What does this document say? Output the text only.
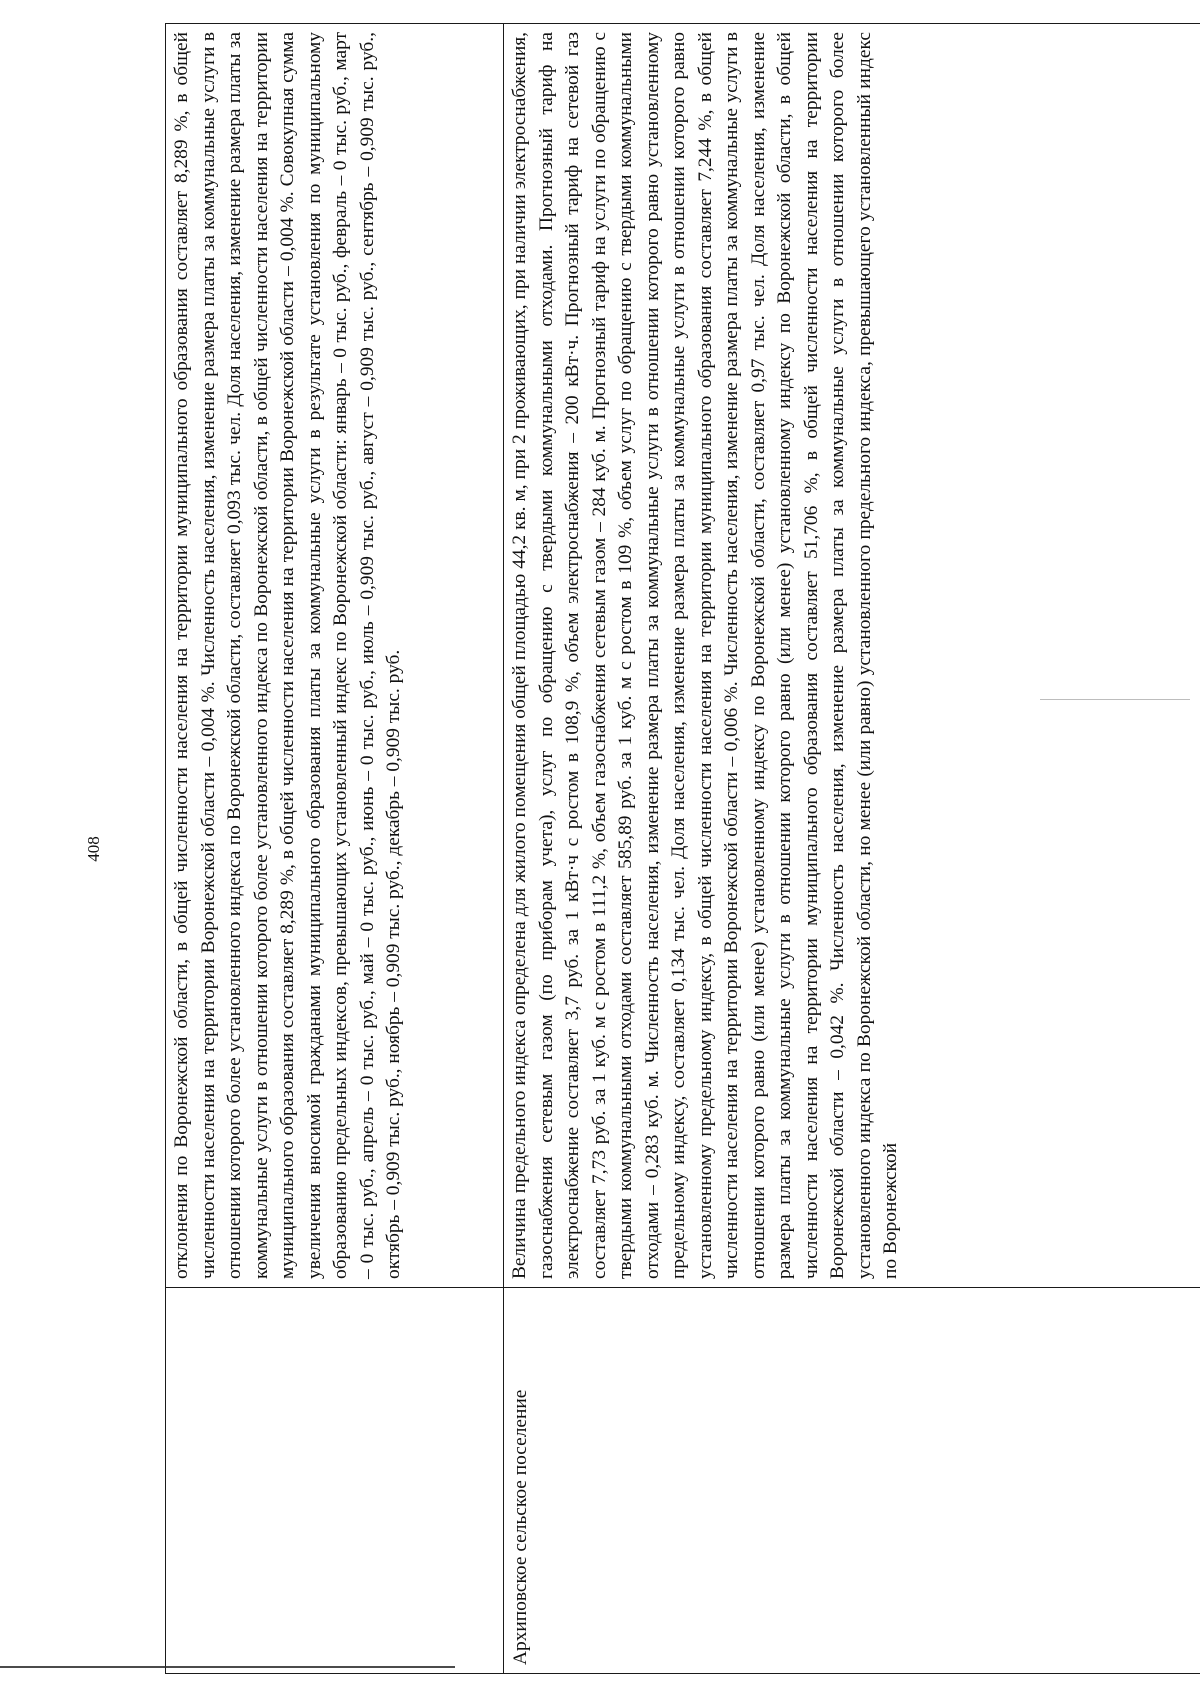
408
		отклонения по Воронежской области, в общей численности населения на территории муниципального образования составляет 8,289 %, в общей численности населения на территории Воронежской области – 0,004 %. Численность населения, изменение размера платы за коммунальные услуги в отношении которого более установленного индекса по Воронежской области, составляет 0,093 тыс. чел. Доля населения, изменение размера платы за коммунальные услуги в отношении которого более установленного индекса по Воронежской области, в общей численности населения на территории муниципального образования составляет 8,289 %, в общей численности населения на территории Воронежской области – 0,004 %. Совокупная сумма увеличения вносимой гражданами муниципального образования платы за коммунальные услуги в результате установления по муниципальному образованию предельных индексов, превышающих установленный индекс по Воронежской области: январь – 0 тыс. руб., февраль – 0 тыс. руб., март – 0 тыс. руб., апрель – 0 тыс. руб., май – 0 тыс. руб., июнь – 0 тыс. руб., июль – 0,909 тыс. руб., август – 0,909 тыс. руб., сентябрь – 0,909 тыс. руб., октябрь – 0,909 тыс. руб., ноябрь – 0,909 тыс. руб., декабрь – 0,909 тыс. руб.
Архиповское сельское поселение	Величина предельного индекса определена для жилого помещения общей площадью 44,2 кв. м, при 2 проживающих, при наличии электроснабжения, газоснабжения сетевым газом (по приборам учета), услуг по обращению с твердыми коммунальными отходами. Прогнозный тариф на электроснабжение составляет 3,7 руб. за 1 кВт·ч с ростом в 108,9 %, объем электроснабжения – 200 кВт·ч. Прогнозный тариф на сетевой газ составляет 7,73 руб. за 1 куб. м с ростом в 111,2 %, объем газоснабжения сетевым газом – 284 куб. м. Прогнозный тариф на услуги по обращению с твердыми коммунальными отходами составляет 585,89 руб. за 1 куб. м с ростом в 109 %, объем услуг по обращению с твердыми коммунальными отходами – 0,283 куб. м. Численность населения, изменение размера платы за коммунальные услуги в отношении которого равно установленному предельному индексу, составляет 0,134 тыс. чел. Доля населения, изменение размера платы за коммунальные услуги в отношении которого равно установленному предельному индексу, в общей численности населения на территории муниципального образования составляет 7,244 %, в общей численности населения на территории Воронежской области – 0,006 %. Численность населения, изменение размера платы за коммунальные услуги в отношении которого равно (или менее) установленному индексу по Воронежской области, составляет 0,97 тыс. чел. Доля населения, изменение размера платы за коммунальные услуги в отношении которого равно (или менее) установленному индексу по Воронежской области, в общей численности населения на территории муниципального образования составляет 51,706 %, в общей численности населения на территории Воронежской области – 0,042 %. Численность населения, изменение размера платы за коммунальные услуги в отношении которого более установленного индекса по Воронежской области, но менее (или равно) установленного предельного индекса, превышающего установленный индекс по Воронежской
